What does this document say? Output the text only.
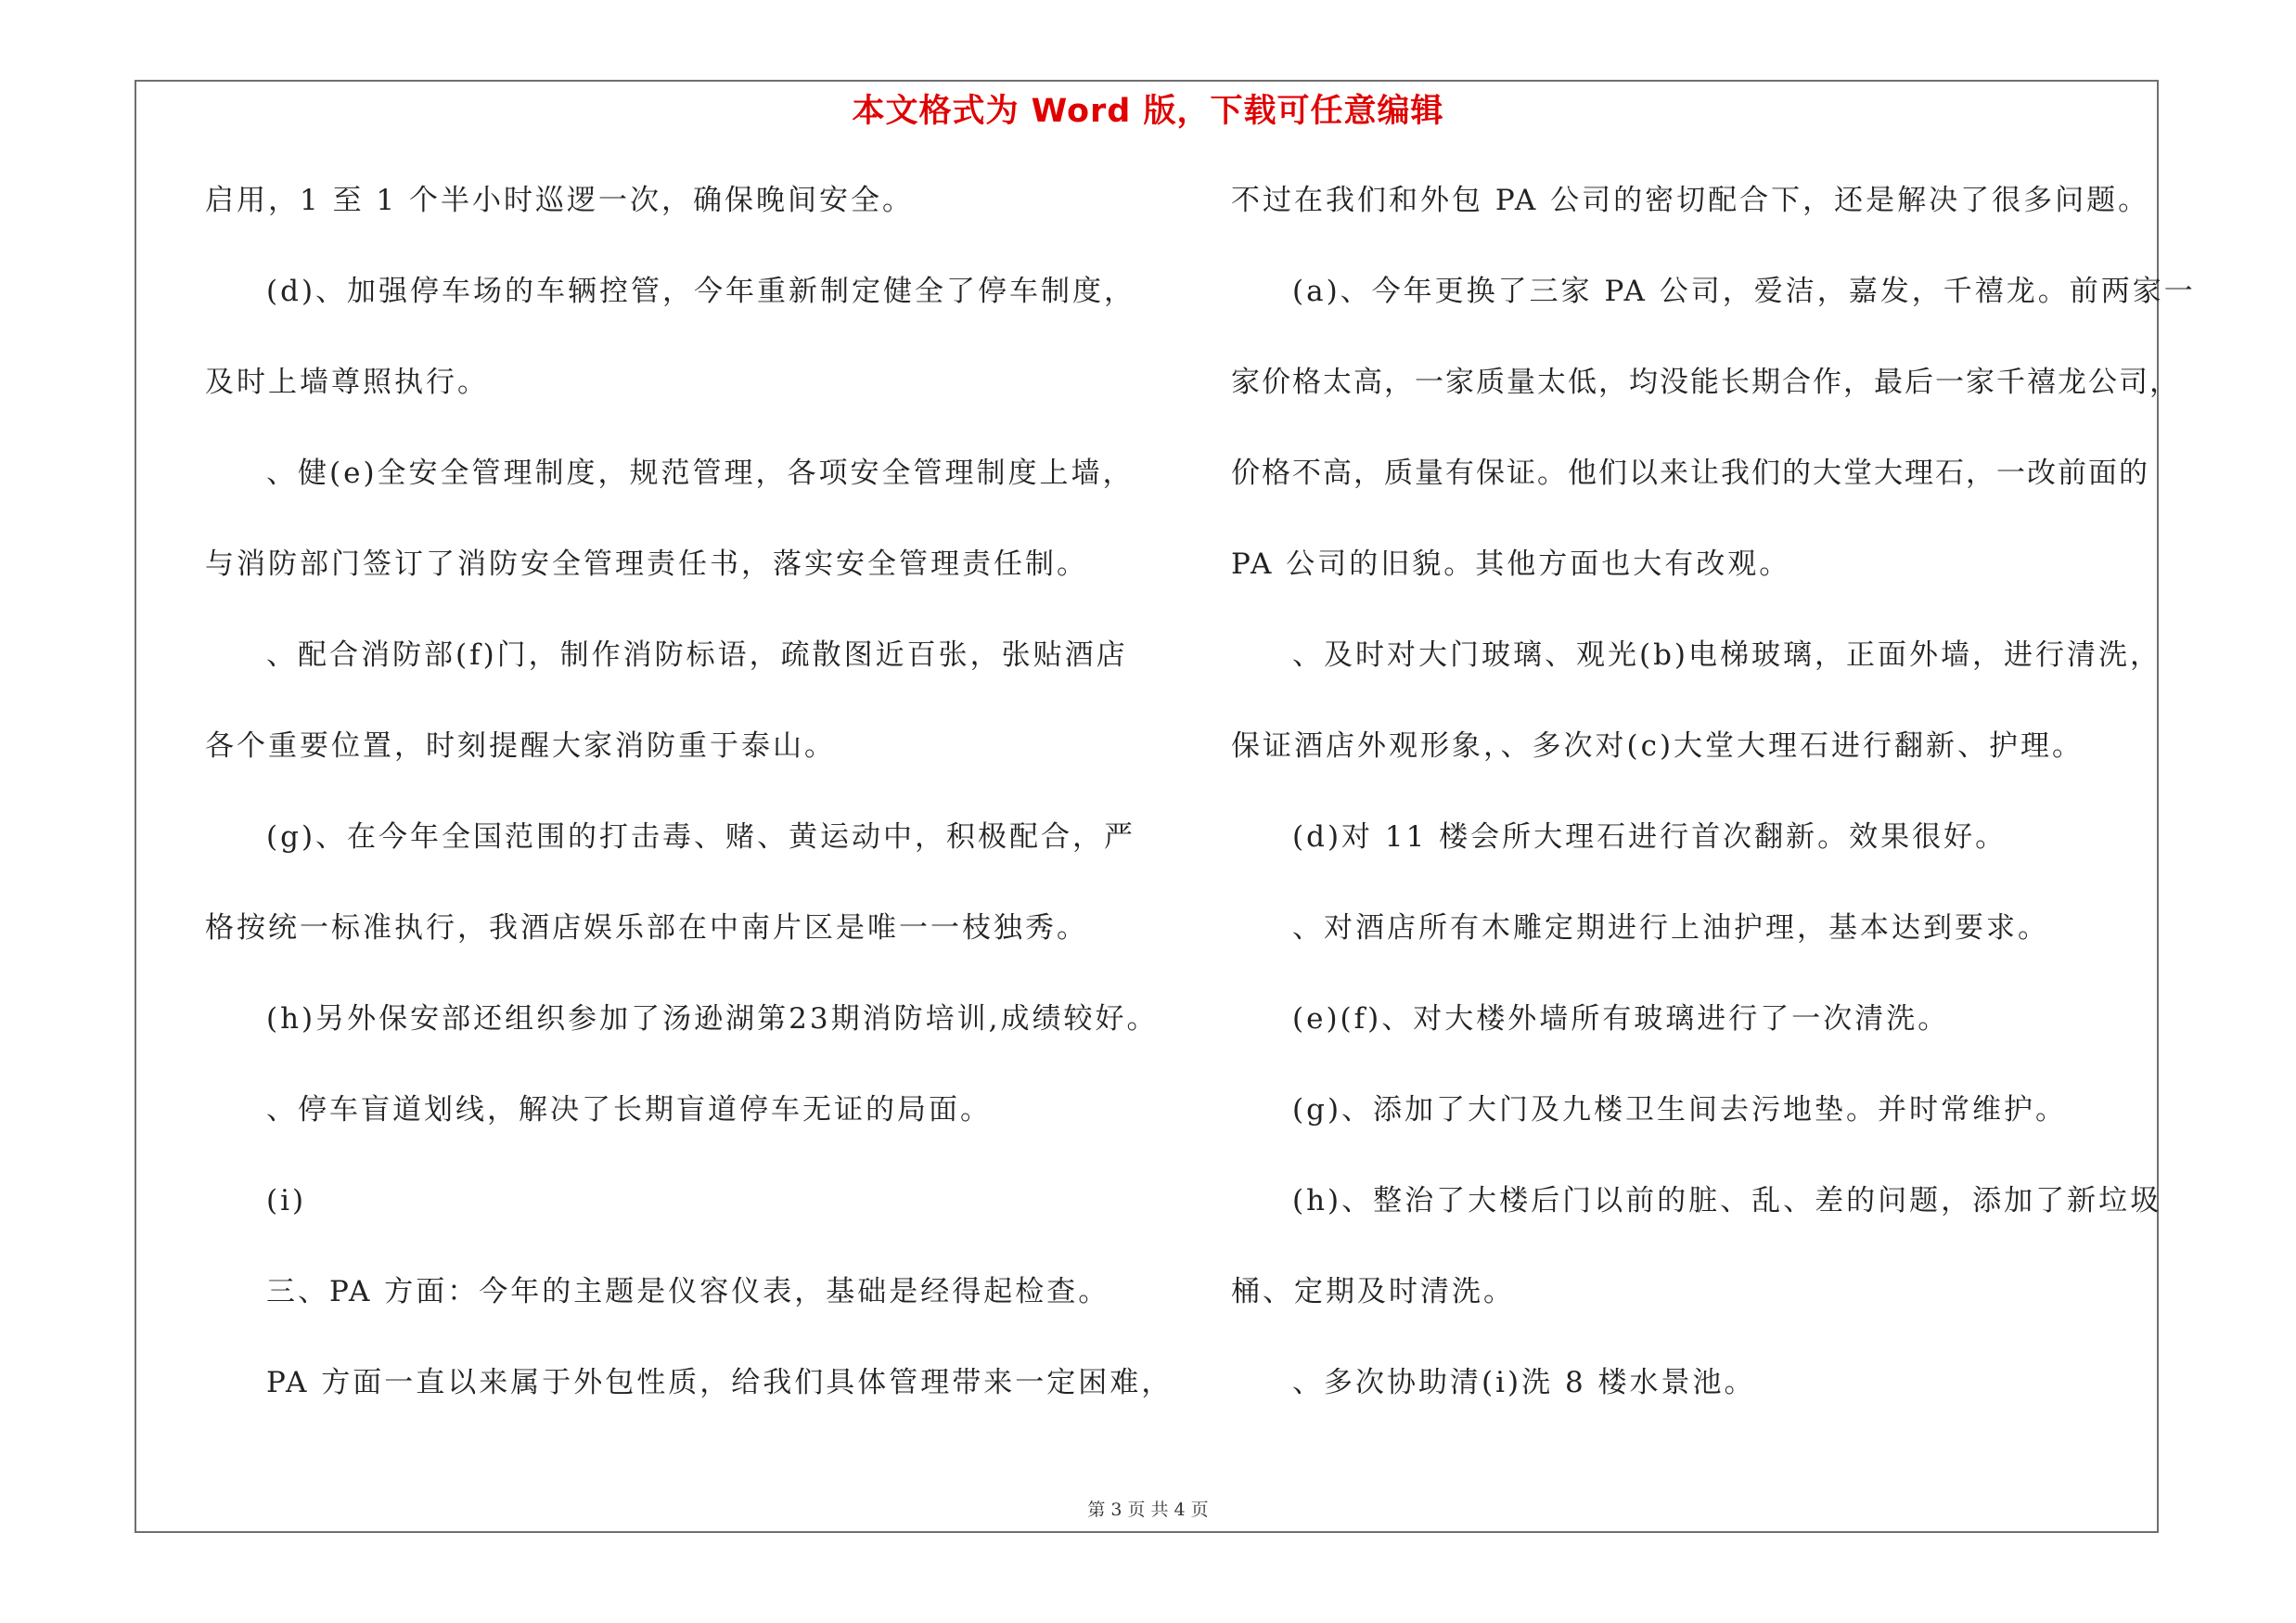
本文格式为 Word 版，下载可任意编辑
启用，1 至 1 个半小时巡逻一次，确保晚间安全。
(d)、加强停车场的车辆控管，今年重新制定健全了停车制度，
及时上墙尊照执行。
、健(e)全安全管理制度，规范管理，各项安全管理制度上墙，
与消防部门签订了消防安全管理责任书，落实安全管理责任制。
、配合消防部(f)门，制作消防标语，疏散图近百张，张贴酒店
各个重要位置，时刻提醒大家消防重于泰山。
(g)、在今年全国范围的打击毒、赌、黄运动中，积极配合，严
格按统一标准执行，我酒店娱乐部在中南片区是唯一一枝独秀。
(h)另外保安部还组织参加了汤逊湖第23期消防培训,成绩较好。
、停车盲道划线，解决了长期盲道停车无证的局面。
(i)
三、PA 方面：今年的主题是仪容仪表，基础是经得起检查。
PA 方面一直以来属于外包性质，给我们具体管理带来一定困难，
不过在我们和外包 PA 公司的密切配合下，还是解决了很多问题。
(a)、今年更换了三家 PA 公司，爱洁，嘉发，千禧龙。前两家一
家价格太高，一家质量太低，均没能长期合作，最后一家千禧龙公司，
价格不高，质量有保证。他们以来让我们的大堂大理石，一改前面的
PA 公司的旧貌。其他方面也大有改观。
、及时对大门玻璃、观光(b)电梯玻璃，正面外墙，进行清洗，
保证酒店外观形象，、多次对(c)大堂大理石进行翻新、护理。
(d)对 11 楼会所大理石进行首次翻新。效果很好。
、对酒店所有木雕定期进行上油护理，基本达到要求。
(e)(f)、对大楼外墙所有玻璃进行了一次清洗。
(g)、添加了大门及九楼卫生间去污地垫。并时常维护。
(h)、整治了大楼后门以前的脏、乱、差的问题，添加了新垃圾
桶、定期及时清洗。
、多次协助清(i)洗 8 楼水景池。
第 3 页 共 4 页
